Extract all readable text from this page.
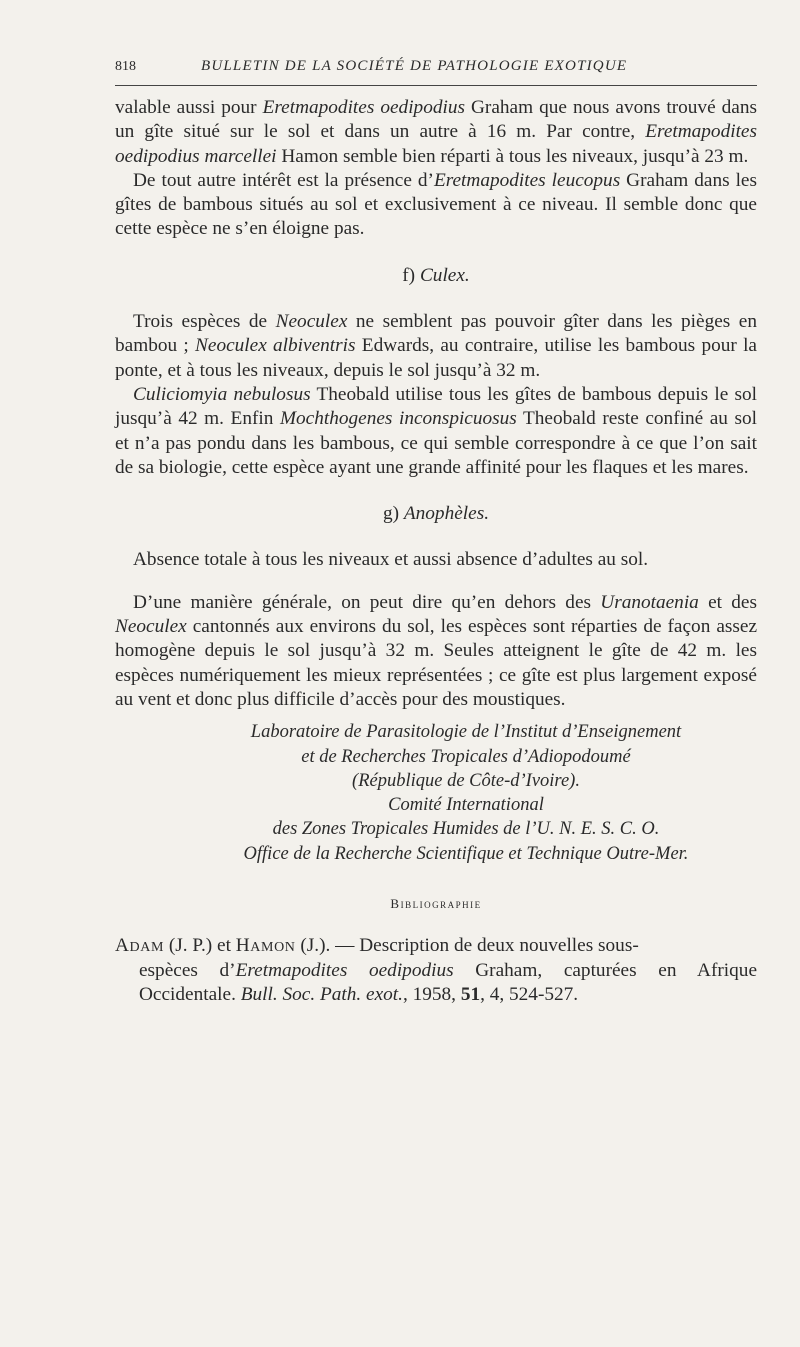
818	BULLETIN DE LA SOCIÉTÉ DE PATHOLOGIE EXOTIQUE

valable aussi pour Eretmapodites oedipodius Graham que nous avons trouvé dans un gîte situé sur le sol et dans un autre à 16 m. Par contre, Eretmapodites oedipodius marcellei Hamon semble bien réparti à tous les niveaux, jusqu’à 23 m.

De tout autre intérêt est la présence d’Eretmapodites leucopus Graham dans les gîtes de bambous situés au sol et exclusivement à ce niveau. Il semble donc que cette espèce ne s’en éloigne pas.

f) Culex.

Trois espèces de Neoculex ne semblent pas pouvoir gîter dans les pièges en bambou ; Neoculex albiventris Edwards, au contraire, utilise les bambous pour la ponte, et à tous les niveaux, depuis le sol jusqu’à 32 m.

Culiciomyia nebulosus Theobald utilise tous les gîtes de bambous depuis le sol jusqu’à 42 m. Enfin Mochthogenes inconspicuosus Theobald reste confiné au sol et n’a pas pondu dans les bambous, ce qui semble correspondre à ce que l’on sait de sa biologie, cette espèce ayant une grande affinité pour les flaques et les mares.

g) Anophèles.

Absence totale à tous les niveaux et aussi absence d’adultes au sol.

D’une manière générale, on peut dire qu’en dehors des Uranotaenia et des Neoculex cantonnés aux environs du sol, les espèces sont réparties de façon assez homogène depuis le sol jusqu’à 32 m. Seules atteignent le gîte de 42 m. les espèces numériquement les mieux représentées ; ce gîte est plus largement exposé au vent et donc plus difficile d’accès pour des moustiques.

Laboratoire de Parasitologie de l’Institut d’Enseignement

et de Recherches Tropicales d’Adiopodoumé

(République de Côte-d’Ivoire).

Comité International

des Zones Tropicales Humides de l’U. N. E. S. C. O.

Office de la Recherche Scientifique et Technique Outre-Mer.

Bibliographie

Adam (J. P.) et Hamon (J.). — Description de deux nouvelles sous-
espèces d’Eretmapodites oedipodius Graham, capturées en Afrique Occidentale. Bull. Soc. Path. exot., 1958, 51, 4, 524-527.
